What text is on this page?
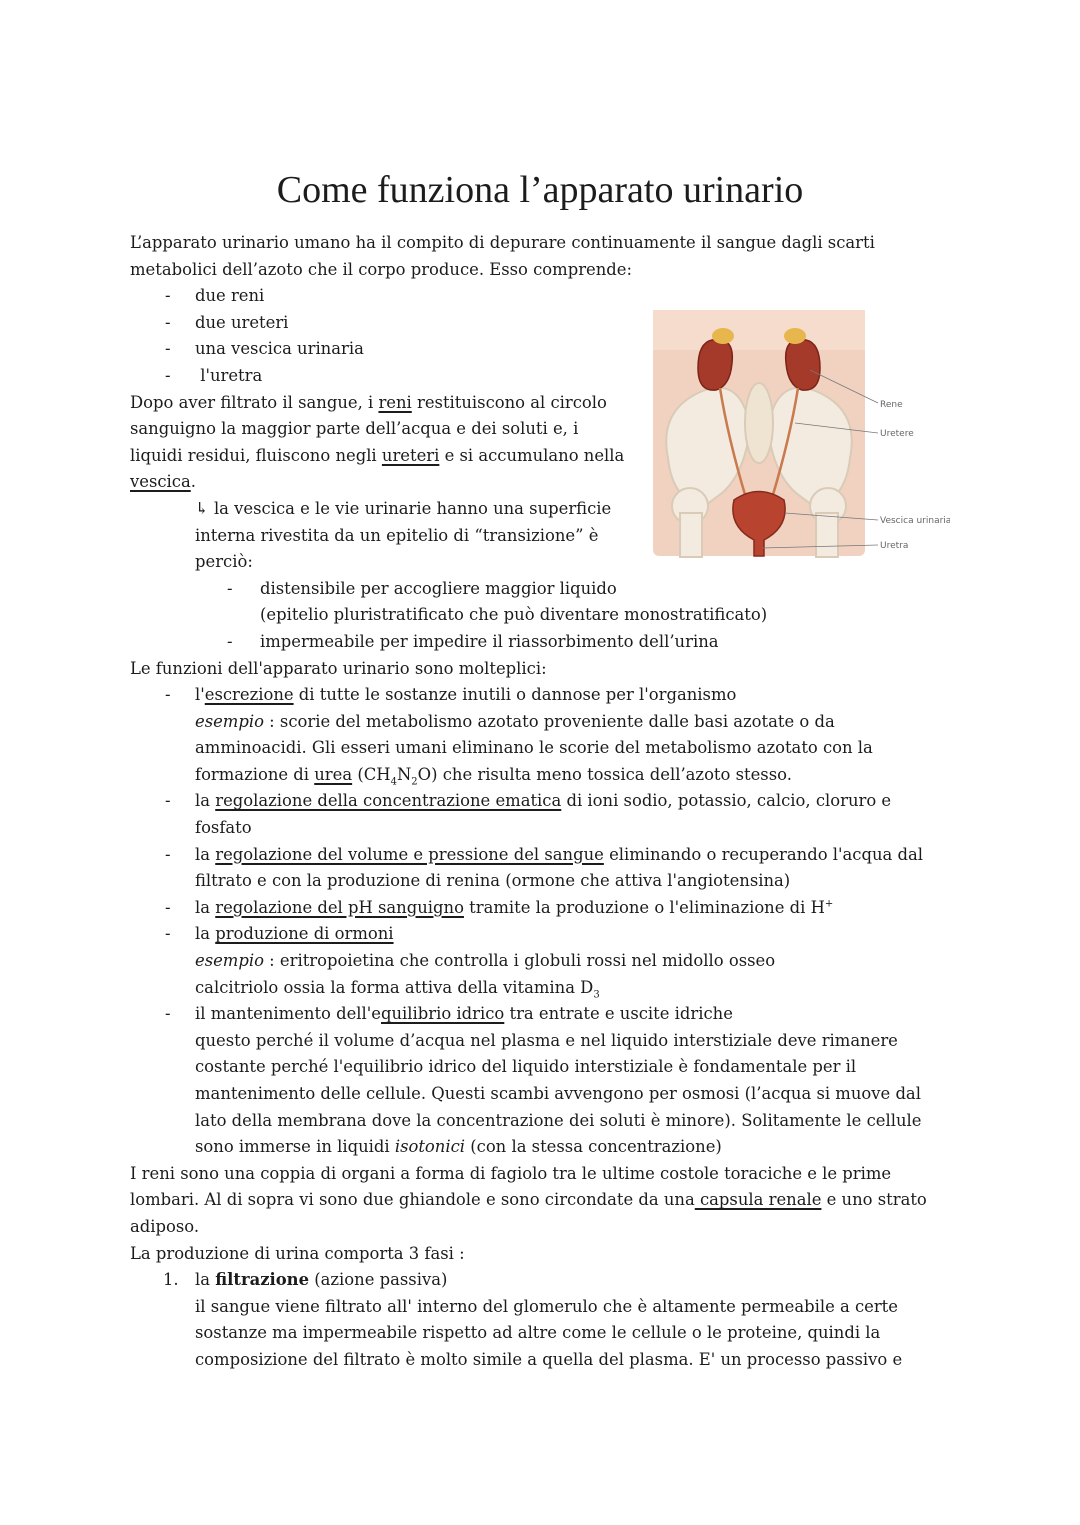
Come funziona l’apparato urinario
Rene
Uretere
Vescica urinaria
Uretra

L’apparato urinario umano ha il compito di depurare continuamente il sangue dagli scarti metabolici dell’azoto che il corpo produce. Esso comprende:

- due reni
- due ureteri
- una vescica urinaria
-  l'uretra

Dopo aver filtrato il sangue, i reni restituiscono al circolo sanguigno la maggior parte dell’acqua e dei soluti e, i liquidi residui, fluiscono negli ureteri e si accumulano nella vescica.

↳ la vescica e le vie urinarie hanno una superficie interna rivestita da un epitelio di “transizione” è perciò:

- distensibile per accogliere maggior liquido
(epitelio pluristratificato che può diventare monostratificato)
- impermeabile per impedire il riassorbimento dell’urina

Le funzioni dell'apparato urinario sono molteplici:

- l'escrezione di tutte le sostanze inutili o dannose per l'organismo
esempio : scorie del metabolismo azotato proveniente dalle basi azotate o da amminoacidi. Gli esseri umani eliminano le scorie del metabolismo azotato con la formazione di urea $(CH_4N_2O)$ che risulta meno tossica dell’azoto stesso.
- la regolazione della concentrazione ematica di ioni sodio, potassio, calcio, cloruro e fosfato
- la regolazione del volume e pressione del sangue eliminando o recuperando l'acqua dal filtrato e con la produzione di renina (ormone che attiva l'angiotensina)
- la regolazione del pH sanguigno tramite la produzione o l'eliminazione di H+
- la produzione di ormoni
esempio : eritropoietina che controlla i globuli rossi nel midollo osseo
calcitriolo ossia la forma attiva della vitamina $D_3$
- il mantenimento dell'equilibrio idrico tra entrate e uscite idriche
questo perché il volume d’acqua nel plasma e nel liquido interstiziale deve rimanere costante perché l'equilibrio idrico del liquido interstiziale è fondamentale per il mantenimento delle cellule. Questi scambi avvengono per osmosi (l’acqua si muove dal lato della membrana dove la concentrazione dei soluti è minore). Solitamente le cellule sono immerse in liquidi isotonici (con la stessa concentrazione)

I reni sono una coppia di organi a forma di fagiolo tra le ultime costole toraciche e le prime lombari. Al di sopra vi sono due ghiandole e sono circondate da una capsula renale e uno strato adiposo.

La produzione di urina comporta 3 fasi :

1. la filtrazione (azione passiva)
il sangue viene filtrato all' interno del glomerulo che è altamente permeabile a certe sostanze ma impermeabile rispetto ad altre come le cellule o le proteine, quindi la composizione del filtrato è molto simile a quella del plasma. E' un processo passivo e
